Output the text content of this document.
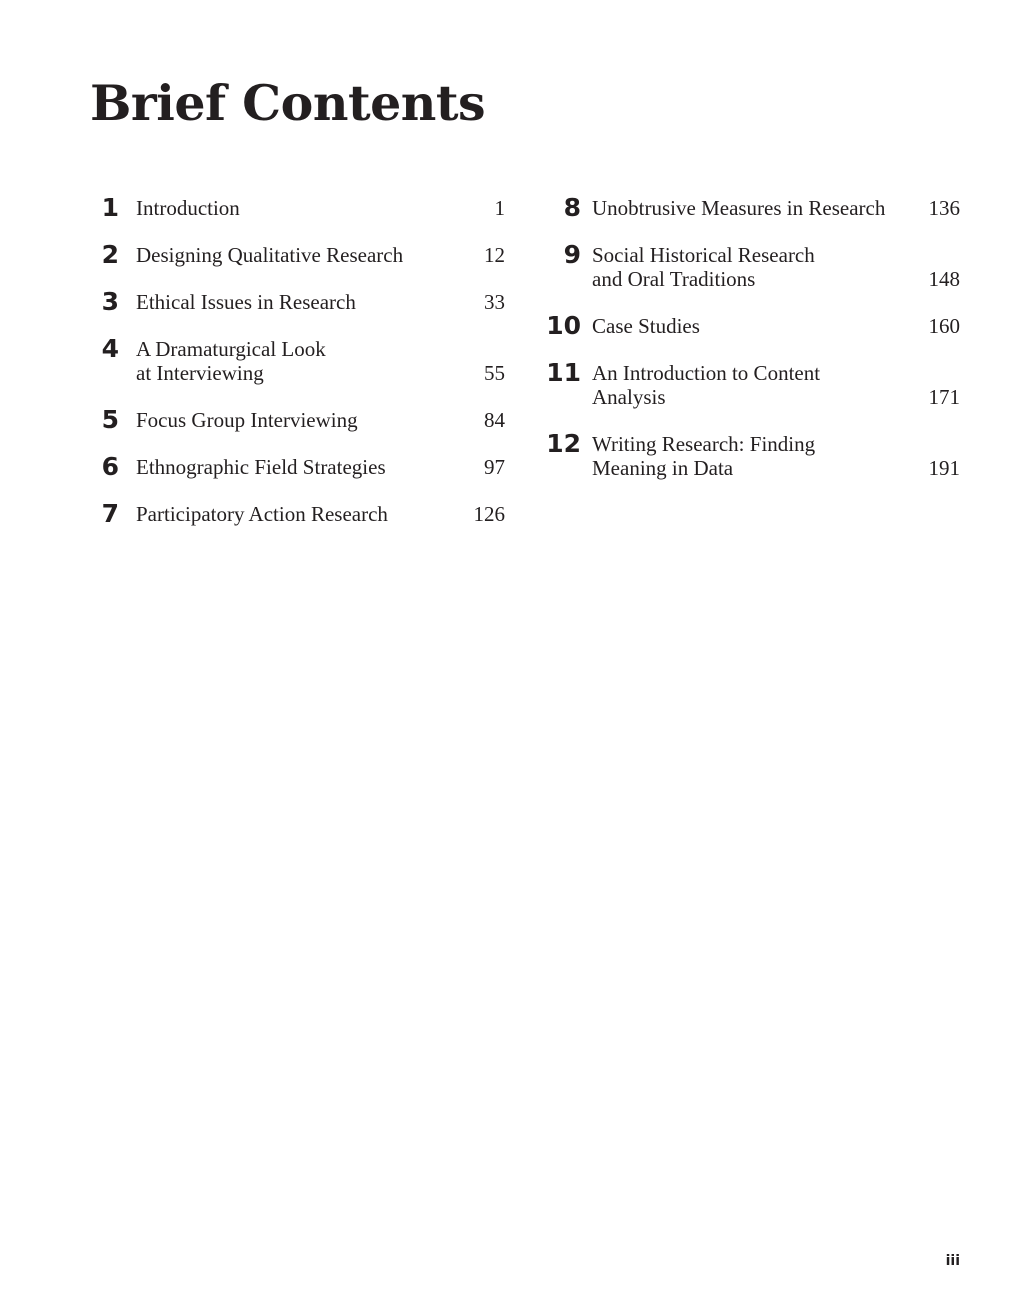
Brief Contents
1 Introduction	1
2 Designing Qualitative Research	12
3 Ethical Issues in Research	33
4 A Dramaturgical Look
at Interviewing	55
5 Focus Group Interviewing	84
6 Ethnographic Field Strategies	97
7 Participatory Action Research	126
8 Unobtrusive Measures in Research	136
9 Social Historical Research
and Oral Traditions	148
10 Case Studies	160
11 An Introduction to Content
Analysis	171
12 Writing Research: Finding
Meaning in Data	191
iii
